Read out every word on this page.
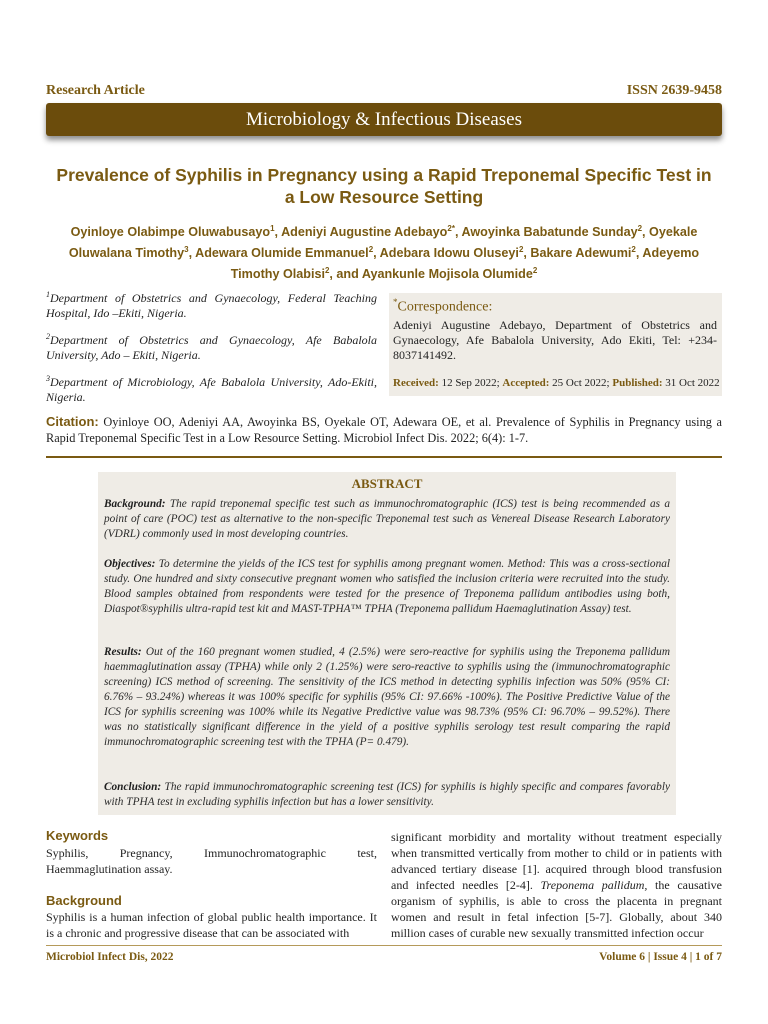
Research Article	ISSN 2639-9458
Microbiology & Infectious Diseases
Prevalence of Syphilis in Pregnancy using a Rapid Treponemal Specific Test in a Low Resource Setting
Oyinloye Olabimpe Oluwabusayo$^1$, Adeniyi Augustine Adebayo$^{2*}$, Awoyinka Babatunde Sunday$^2$, Oyekale Oluwalana Timothy$^3$, Adewara Olumide Emmanuel$^2$, Adebara Idowu Oluseyi$^2$, Bakare Adewumi$^2$, Adeyemo Timothy Olabisi$^2$, and Ayankunle Mojisola Olumide$^2$
$^1$Department of Obstetrics and Gynaecology, Federal Teaching Hospital, Ido –Ekiti, Nigeria.
$^2$Department of Obstetrics and Gynaecology, Afe Babalola University, Ado – Ekiti, Nigeria.
$^3$Department of Microbiology, Afe Babalola University, Ado-Ekiti, Nigeria.
*Correspondence:
Adeniyi Augustine Adebayo, Department of Obstetrics and Gynaecology, Afe Babalola University, Ado Ekiti, Tel: +234-8037141492.
Received: 12 Sep 2022; Accepted: 25 Oct 2022; Published: 31 Oct 2022
Citation: Oyinloye OO, Adeniyi AA, Awoyinka BS, Oyekale OT, Adewara OE, et al. Prevalence of Syphilis in Pregnancy using a Rapid Treponemal Specific Test in a Low Resource Setting. Microbiol Infect Dis. 2022; 6(4): 1-7.
ABSTRACT
Background: The rapid treponemal specific test such as immunochromatographic (ICS) test is being recommended as a point of care (POC) test as alternative to the non-specific Treponemal test such as Venereal Disease Research Laboratory (VDRL) commonly used in most developing countries.
Objectives: To determine the yields of the ICS test for syphilis among pregnant women. Method: This was a cross-sectional study. One hundred and sixty consecutive pregnant women who satisfied the inclusion criteria were recruited into the study. Blood samples obtained from respondents were tested for the presence of Treponema pallidum antibodies using both, Diaspot®syphilis ultra-rapid test kit and MAST-TPHA™ TPHA (Treponema pallidum Haemaglutination Assay) test.
Results: Out of the 160 pregnant women studied, 4 (2.5%) were sero-reactive for syphilis using the Treponema pallidum haemmaglutination assay (TPHA) while only 2 (1.25%) were sero-reactive to syphilis using the (immunochromatographic screening) ICS method of screening. The sensitivity of the ICS method in detecting syphilis infection was 50% (95% CI: 6.76% – 93.24%) whereas it was 100% specific for syphilis (95% CI: 97.66% -100%). The Positive Predictive Value of the ICS for syphilis screening was 100% while its Negative Predictive value was 98.73% (95% CI: 96.70% – 99.52%). There was no statistically significant difference in the yield of a positive syphilis serology test result comparing the rapid immunochromatographic screening test with the TPHA (P= 0.479).
Conclusion: The rapid immunochromatographic screening test (ICS) for syphilis is highly specific and compares favorably with TPHA test in excluding syphilis infection but has a lower sensitivity.
Keywords
Syphilis, Pregnancy, Immunochromatographic test, Haemmaglutination assay.
Background
Syphilis is a human infection of global public health importance. It is a chronic and progressive disease that can be associated with
significant morbidity and mortality without treatment especially when transmitted vertically from mother to child or in patients with advanced tertiary disease [1]. acquired through blood transfusion and infected needles [2-4]. Treponema pallidum, the causative organism of syphilis, is able to cross the placenta in pregnant women and result in fetal infection [5-7]. Globally, about 340 million cases of curable new sexually transmitted infection occur
Microbiol Infect Dis, 2022	Volume 6 | Issue 4 | 1 of 7
